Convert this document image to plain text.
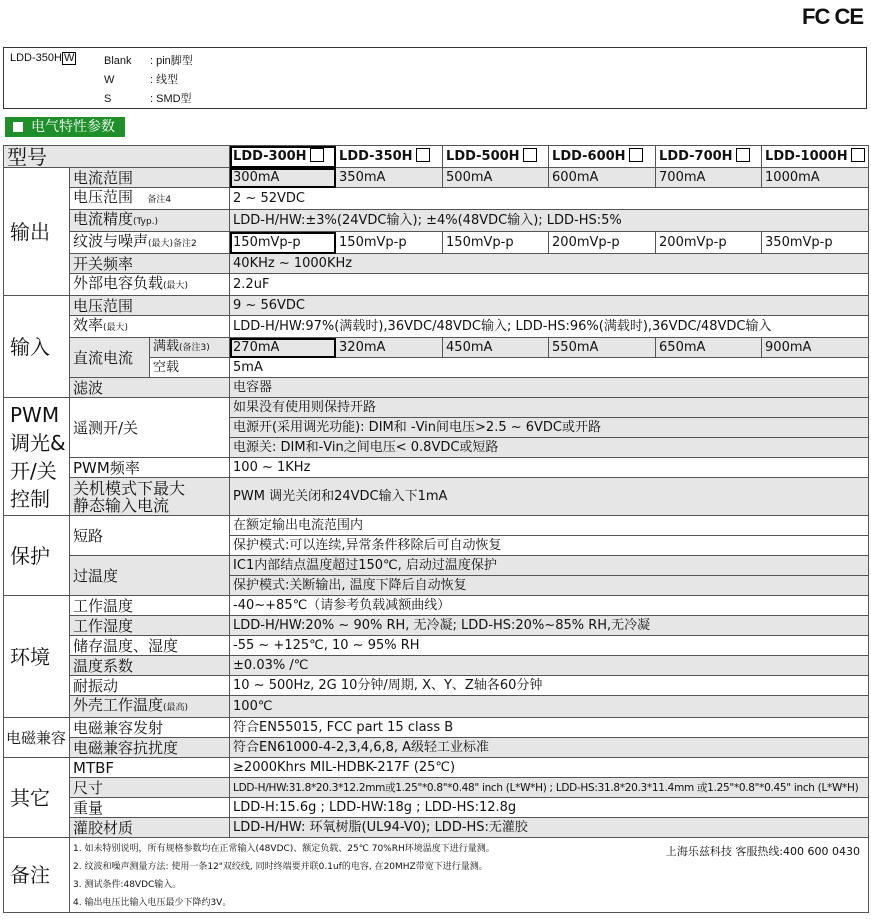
FC CE
LDD-350H W	Blank : pin脚型
W	: 线型
S	: SMD型
电气特性参数
型号			LDD-300H	LDD-350H	LDD-500H	LDD-600H	LDD-700H	LDD-1000H
输出	电流范围		300mA	350mA	500mA	600mA	700mA	1000mA
	电压范围 备注4		2 ~ 52VDC					
	电流精度(Typ.)		LDD-H/HW:±3%(24VDC输入); ±4%(48VDC输入); LDD-HS:5%					
	纹波与噪声(最大)备注2		150mVp-p	150mVp-p	150mVp-p	200mVp-p	200mVp-p	350mVp-p
	开关频率		40KHz ~ 1000KHz					
	外部电容负载(最大)		2.2uF					
输入	电压范围		9 ~ 56VDC					
	效率(最大)		LDD-H/HW:97%(满载时),36VDC/48VDC输入; LDD-HS:96%(满载时),36VDC/48VDC输入					
	直流电流	满载(备注3)	270mA	320mA	450mA	550mA	650mA	900mA
		空载	5mA					
	滤波		电容器					

PWM
调光&
开/关
控制	遥测开/关		如果没有使用则保持开路					
			电源开(采用调光功能): DIM和 -Vin间电压>2.5 ~ 6VDC或开路					
			电源关: DIM和-Vin之间电压< 0.8VDC或短路					
	PWM频率		100 ~ 1KHz					

	关机模式下最大
静态输入电流		PWM 调光关闭和24VDC输入下1mA					
保护	短路		在额定输出电流范围内					
			保护模式:可以连续,异常条件移除后可自动恢复					
	过温度		IC1内部结点温度超过150℃, 启动过温度保护					
			保护模式:关断输出, 温度下降后自动恢复					
环境	工作温度		-40~+85℃（请参考负载减额曲线）					
	工作湿度		LDD-H/HW:20% ~ 90% RH, 无冷凝; LDD-HS:20%~85% RH,无冷凝					
	储存温度、湿度		-55 ~ +125℃, 10 ~ 95% RH					
	温度系数		±0.03% /℃					
	耐振动		10 ~ 500Hz, 2G 10分钟/周期, X、Y、Z轴各60分钟					
	外壳工作温度(最高)		100℃					
电磁兼容	电磁兼容发射		符合EN55015, FCC part 15 class B					
	电磁兼容抗扰度		符合EN61000-4-2,3,4,6,8, A级轻工业标准					
其它	MTBF		≥2000Khrs MIL-HDBK-217F (25℃)					
	尺寸		LDD-H/HW:31.8*20.3*12.2mm或1.25"*0.8"*0.48" inch (L*W*H) ; LDD-HS:31.8*20.3*11.4mm 或1.25"*0.8"*0.45" inch (L*W*H)					
	重量		LDD-H:15.6g ; LDD-HW:18g ; LDD-HS:12.8g					
	灌胶材质		LDD-H/HW: 环氧树脂(UL94-V0); LDD-HS:无灌胶					
备注	1. 如未特别说明，所有规格参数均在正常输入(48VDC)、额定负载、25℃ 70%RH环境温度下进行量测。
2. 纹波和噪声测量方法: 使用一条12"双绞线, 同时终端要并联0.1uf的电容, 在20MHZ带宽下进行量测。
3. 测试条件:48VDC输入。
4. 输出电压比输入电压最少下降约3V。
上海乐兹科技 客服热线:400 600 0430							
